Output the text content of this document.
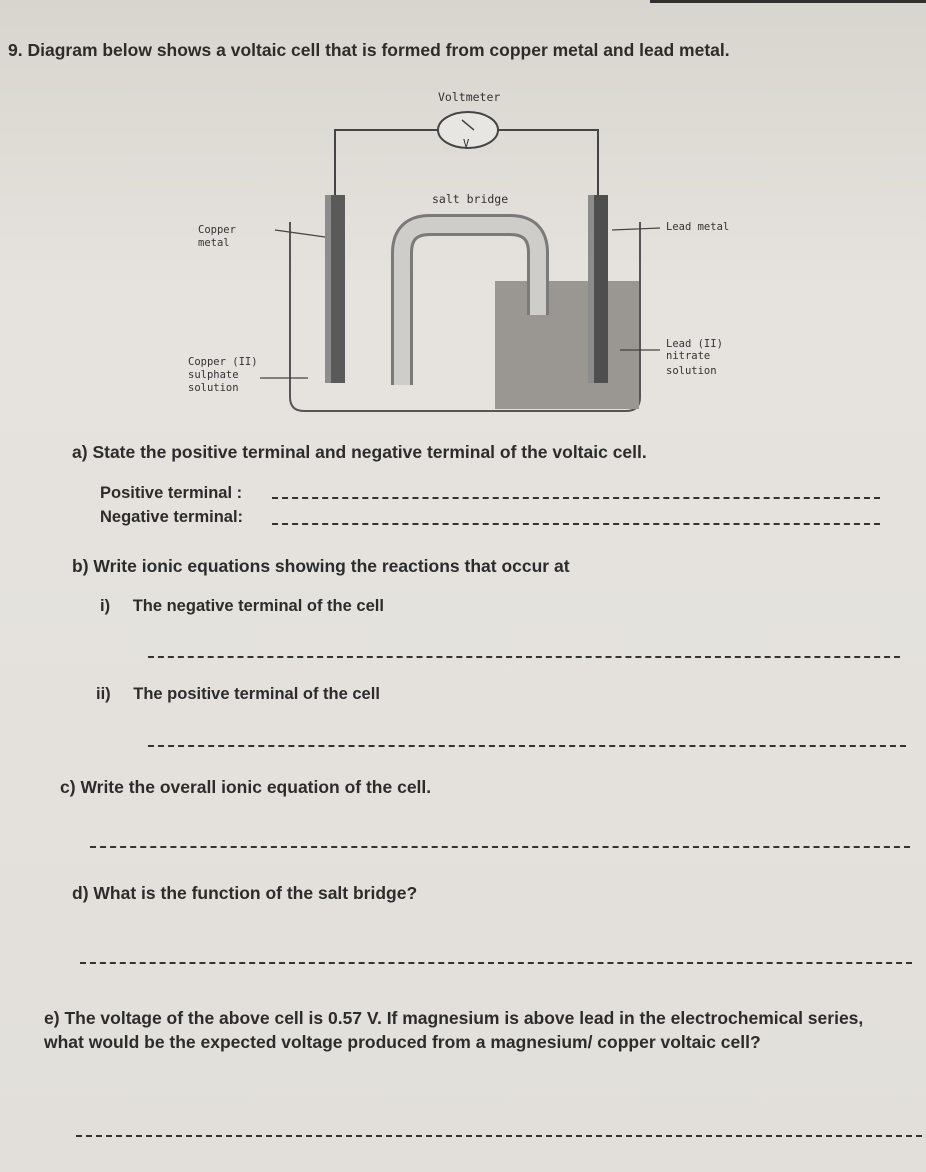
9. Diagram below shows a voltaic cell that is formed from copper metal and lead metal.
V
Voltmeter
salt bridge
Copper
metal
Copper (II)
sulphate
solution
Lead metal
Lead (II)
nitrate
solution
a) State the positive terminal and negative terminal of the voltaic cell.
Positive terminal :
Negative terminal:
b) Write ionic equations showing the reactions that occur at
i) The negative terminal of the cell
ii) The positive terminal of the cell
c) Write the overall ionic equation of the cell.
d) What is the function of the salt bridge?
e) The voltage of the above cell is 0.57 V. If magnesium is above lead in the electrochemical series, what would be the expected voltage produced from a magnesium/ copper voltaic cell?
